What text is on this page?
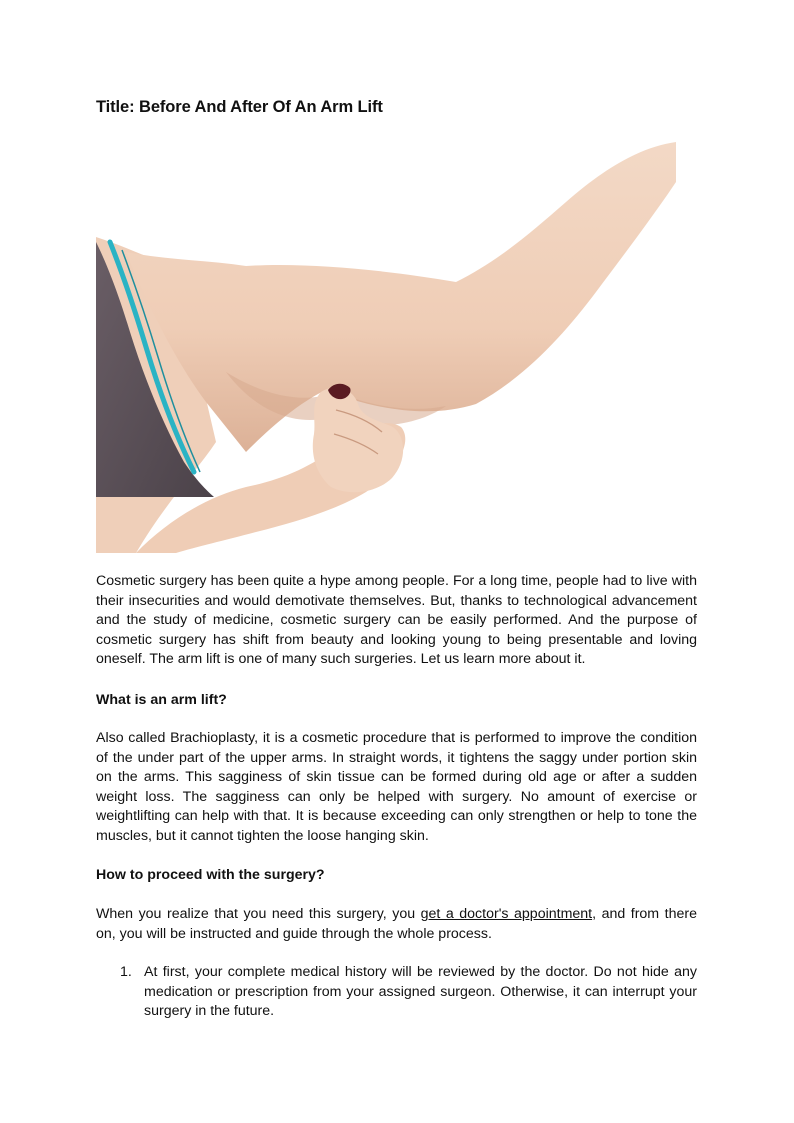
Title: Before And After Of An Arm Lift

Cosmetic surgery has been quite a hype among people. For a long time, people had to live with their insecurities and would demotivate themselves. But, thanks to technological advancement and the study of medicine, cosmetic surgery can be easily performed. And the purpose of cosmetic surgery has shift from beauty and looking young to being presentable and loving oneself. The arm lift is one of many such surgeries. Let us learn more about it.

What is an arm lift?

Also called Brachioplasty, it is a cosmetic procedure that is performed to improve the condition of the under part of the upper arms. In straight words, it tightens the saggy under portion skin on the arms. This sagginess of skin tissue can be formed during old age or after a sudden weight loss. The sagginess can only be helped with surgery. No amount of exercise or weightlifting can help with that. It is because exceeding can only strengthen or help to tone the muscles, but it cannot tighten the loose hanging skin.

How to proceed with the surgery?

When you realize that you need this surgery, you get a doctor's appointment, and from there on, you will be instructed and guide through the whole process.

1. At first, your complete medical history will be reviewed by the doctor. Do not hide any medication or prescription from your assigned surgeon. Otherwise, it can interrupt your surgery in the future.
